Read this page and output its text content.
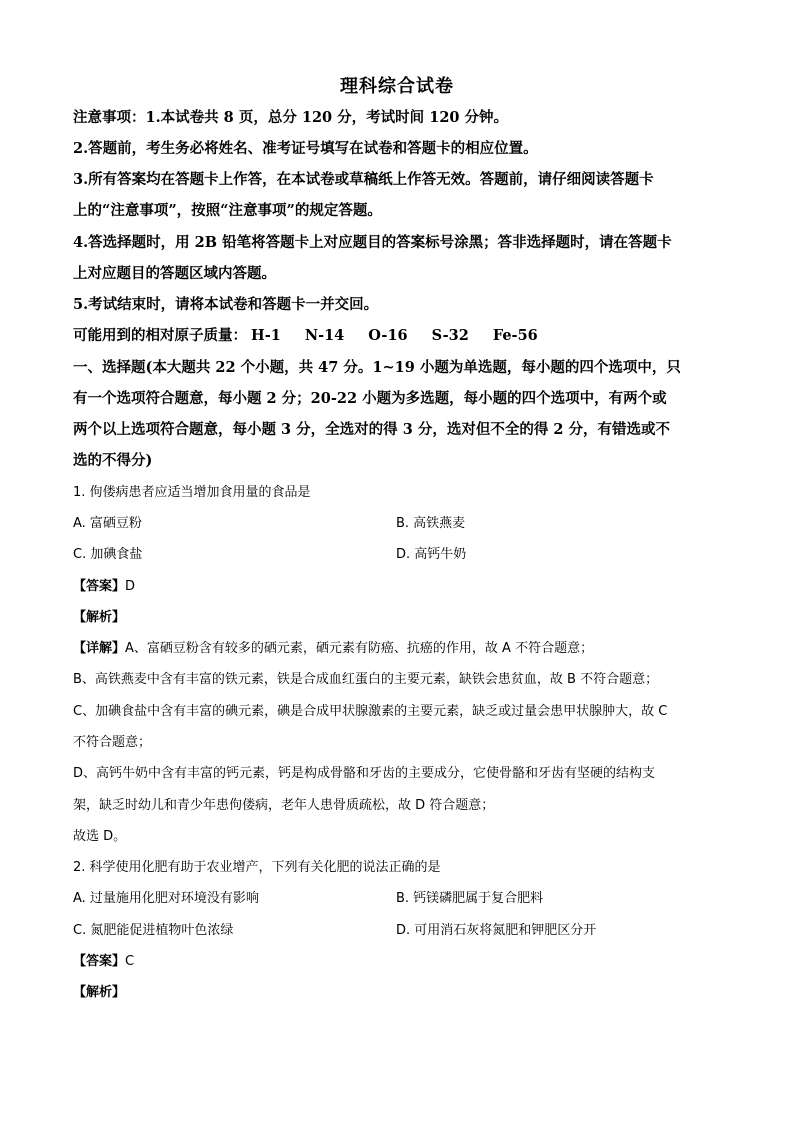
理科综合试卷
注意事项：1.本试卷共 8 页，总分 120 分，考试时间 120 分钟。
2.答题前，考生务必将姓名、准考证号填写在试卷和答题卡的相应位置。
3.所有答案均在答题卡上作答，在本试卷或草稿纸上作答无效。答题前，请仔细阅读答题卡
上的“注意事项”，按照“注意事项”的规定答题。
4.答选择题时，用 2B 铅笔将答题卡上对应题目的答案标号涂黑；答非选择题时，请在答题卡
上对应题目的答题区域内答题。
5.考试结束时，请将本试卷和答题卡一并交回。
可能用到的相对原子质量： H-1 N-14 O-16 S-32 Fe-56
一、选择题(本大题共 22 个小题，共 47 分。1~19 小题为单选题，每小题的四个选项中，只
有一个选项符合题意，每小题 2 分；20-22 小题为多选题，每小题的四个选项中，有两个或
两个以上选项符合题意，每小题 3 分，全选对的得 3 分，选对但不全的得 2 分，有错选或不
选的不得分)
1. 佝偻病患者应适当增加食用量的食品是
A. 富硒豆粉	B. 高铁燕麦
C. 加碘食盐	D. 高钙牛奶
【答案】D
【解析】
【详解】A、富硒豆粉含有较多的硒元素，硒元素有防癌、抗癌的作用，故 A 不符合题意；
B、高铁燕麦中含有丰富的铁元素，铁是合成血红蛋白的主要元素，缺铁会患贫血，故 B 不符合题意；
C、加碘食盐中含有丰富的碘元素，碘是合成甲状腺激素的主要元素，缺乏或过量会患甲状腺肿大，故 C
不符合题意；
D、高钙牛奶中含有丰富的钙元素，钙是构成骨骼和牙齿的主要成分，它使骨骼和牙齿有坚硬的结构支
架，缺乏时幼儿和青少年患佝偻病，老年人患骨质疏松，故 D 符合题意；
故选 D。
2. 科学使用化肥有助于农业增产，下列有关化肥的说法正确的是
A. 过量施用化肥对环境没有影响	B. 钙镁磷肥属于复合肥料
C. 氮肥能促进植物叶色浓绿	D. 可用消石灰将氮肥和钾肥区分开
【答案】C
【解析】
